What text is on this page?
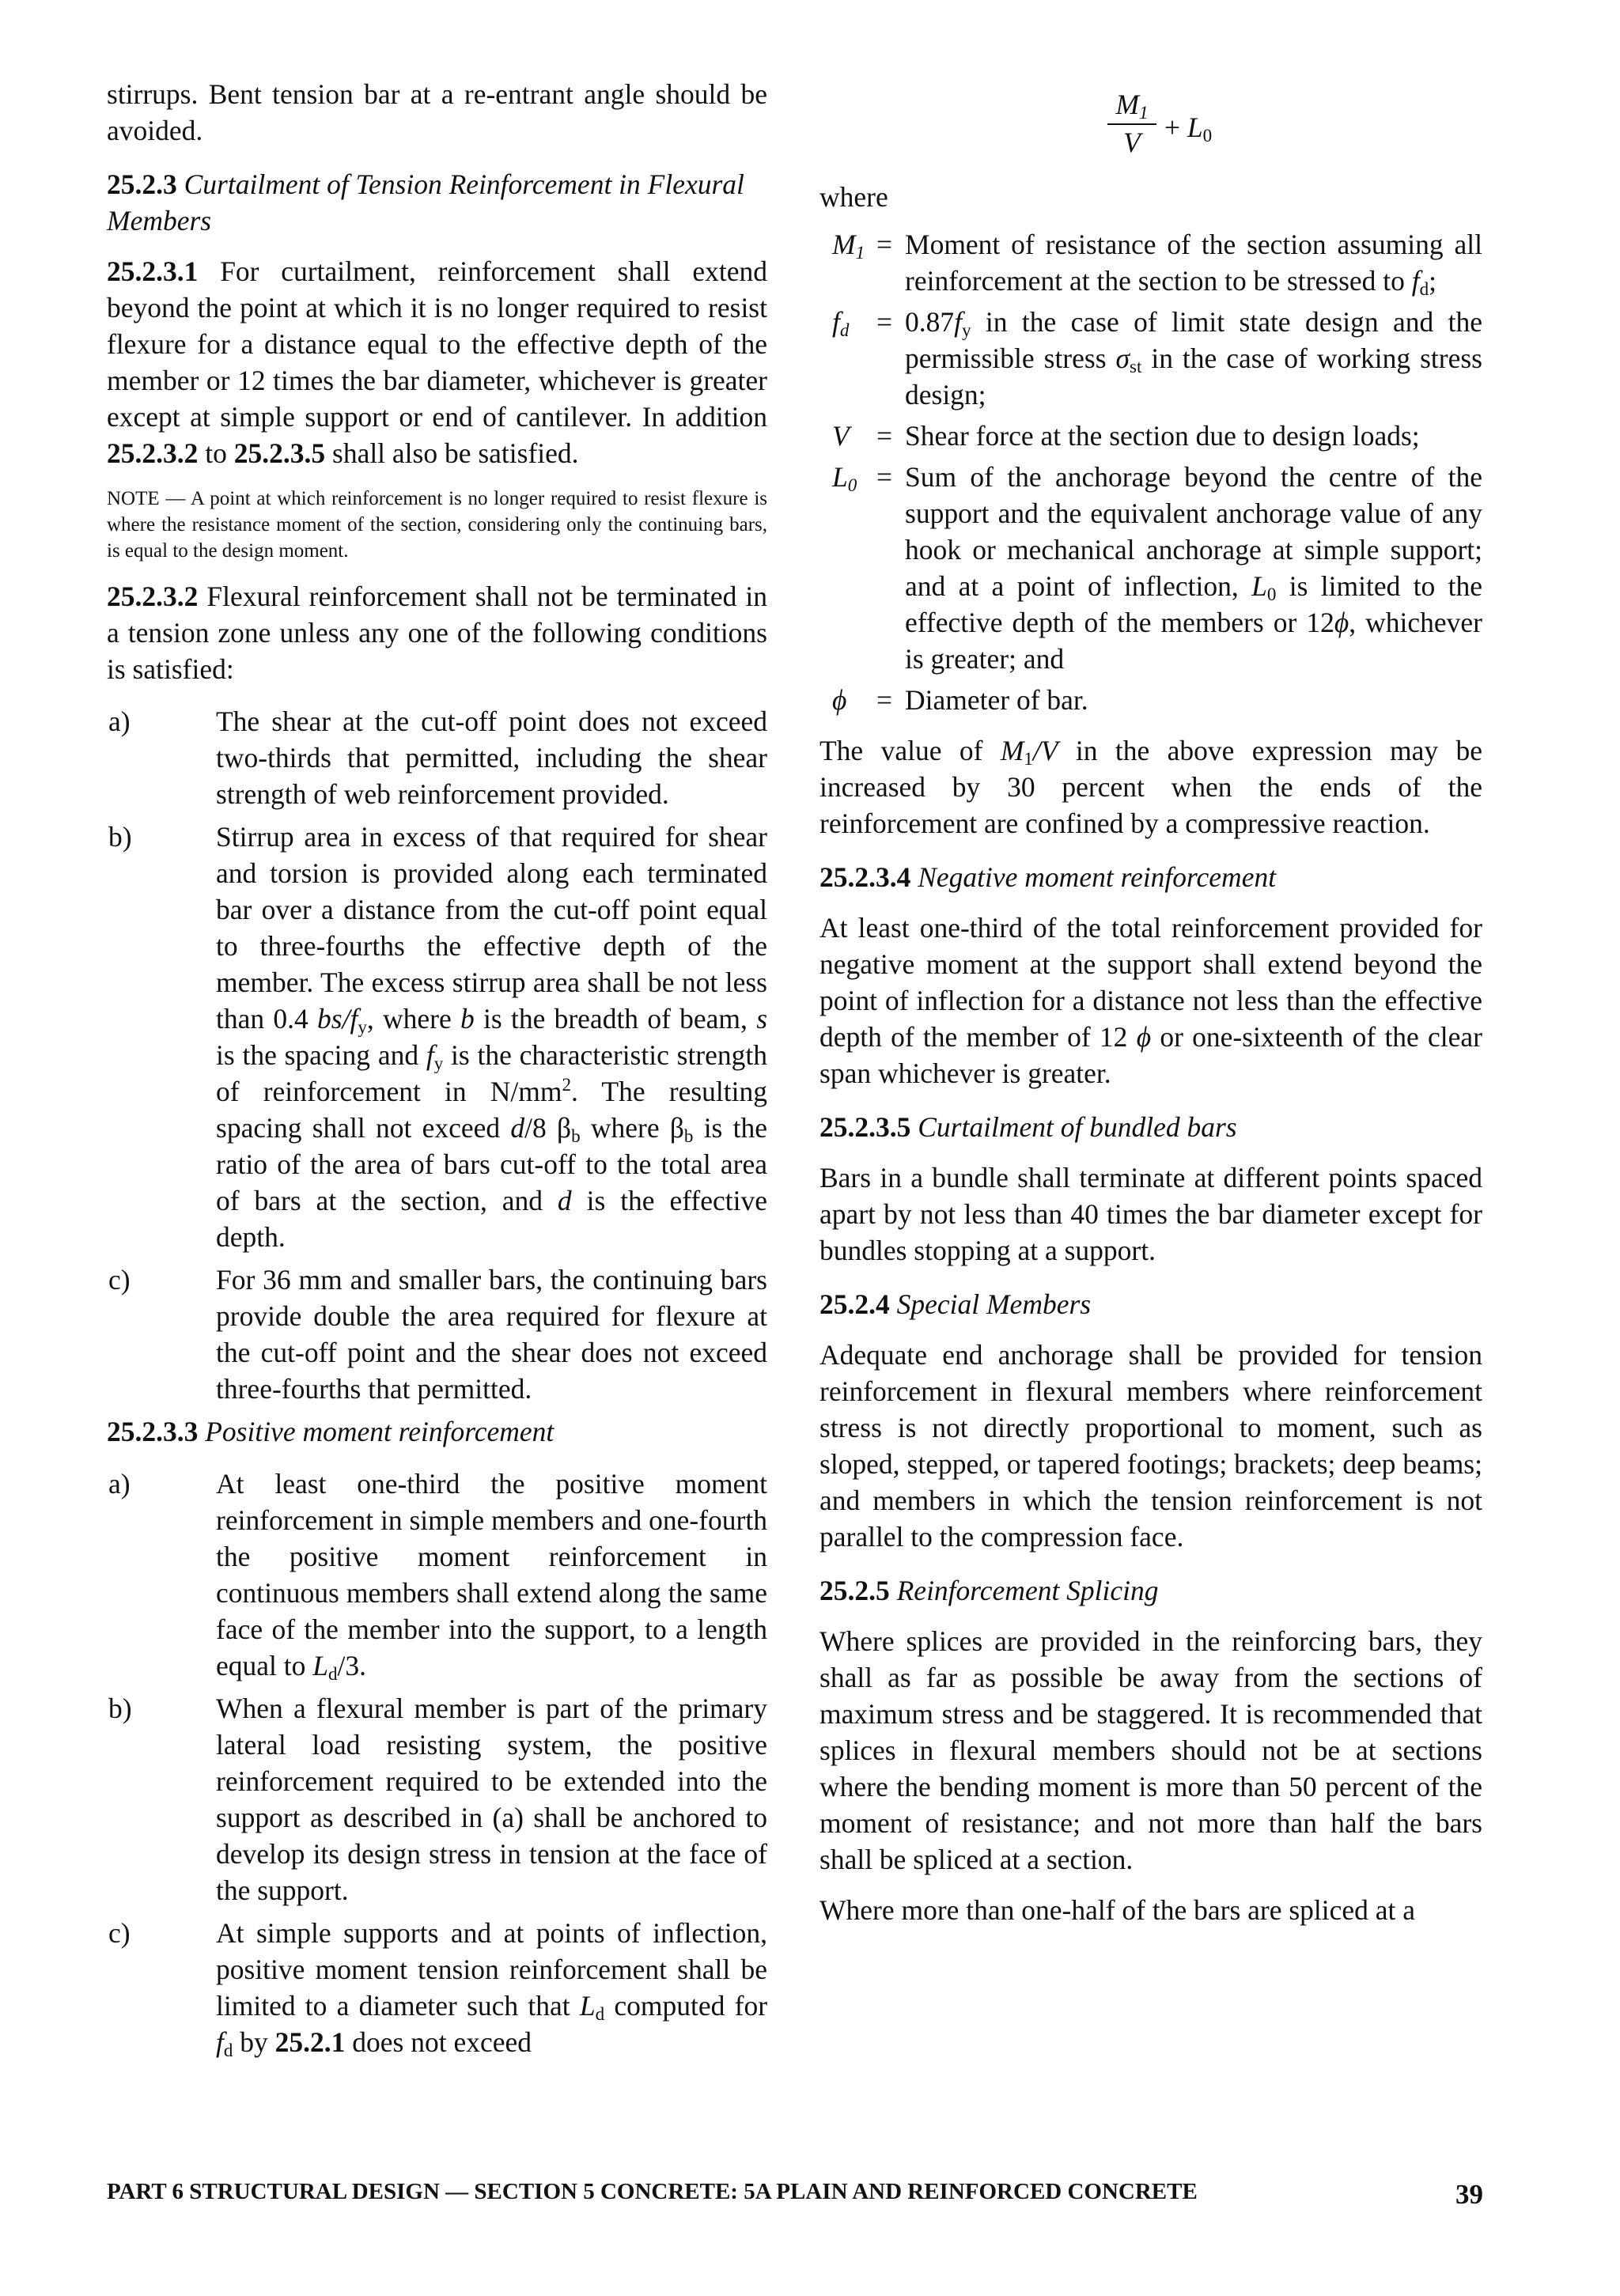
stirrups. Bent tension bar at a re-entrant angle should be avoided.

25.2.3 Curtailment of Tension Reinforcement in Flexural Members

25.2.3.1 For curtailment, reinforcement shall extend beyond the point at which it is no longer required to resist flexure for a distance equal to the effective depth of the member or 12 times the bar diameter, whichever is greater except at simple support or end of cantilever. In addition 25.2.3.2 to 25.2.3.5 shall also be satisfied.

NOTE — A point at which reinforcement is no longer required to resist flexure is where the resistance moment of the section, considering only the continuing bars, is equal to the design moment.

25.2.3.2 Flexural reinforcement shall not be terminated in a tension zone unless any one of the following conditions is satisfied:

a)	The shear at the cut-off point does not exceed two-thirds that permitted, including the shear strength of web reinforcement provided.
b)	Stirrup area in excess of that required for shear and torsion is provided along each terminated bar over a distance from the cut-off point equal to three-fourths the effective depth of the member. The excess stirrup area shall be not less than 0.4 $bs/f_y$, where b is the breadth of beam, s is the spacing and $f_y$ is the characteristic strength of reinforcement in $N/mm^2$. The resulting spacing shall not exceed d/8 $\beta_b$ where $\beta_b$ is the ratio of the area of bars cut-off to the total area of bars at the section, and d is the effective depth.
c)	For 36 mm and smaller bars, the continuing bars provide double the area required for flexure at the cut-off point and the shear does not exceed three-fourths that permitted.

25.2.3.3 Positive moment reinforcement

a)	At least one-third the positive moment reinforcement in simple members and one-fourth the positive moment reinforcement in continuous members shall extend along the same face of the member into the support, to a length equal to $L_d/3$.
b)	When a flexural member is part of the primary lateral load resisting system, the positive reinforcement required to be extended into the support as described in (a) shall be anchored to develop its design stress in tension at the face of the support.
c)	At simple supports and at points of inflection, positive moment tension reinforcement shall be limited to a diameter such that $L_d$ computed for $f_d$ by 25.2.1 does not exceed
$M_1$
$V + L_0$

where

$M_1$ = Moment of resistance of the section assuming all reinforcement at the section to be stressed to $f_d$;
$f_d = 0.87f_y$ in the case of limit state design and the permissible stress $\sigma_{st}$ in the case of working stress design;
V = Shear force at the section due to design loads;
$L_0$ = Sum of the anchorage beyond the centre of the support and the equivalent anchorage value of any hook or mechanical anchorage at simple support; and at a point of inflection, $L_0$ is limited to the effective depth of the members or 12ϕ, whichever is greater; and
ϕ	= Diameter of bar.

The value of $M_1/V$ in the above expression may be increased by 30 percent when the ends of the reinforcement are confined by a compressive reaction.

25.2.3.4 Negative moment reinforcement

At least one-third of the total reinforcement provided for negative moment at the support shall extend beyond the point of inflection for a distance not less than the effective depth of the member of 12 ϕ or one-sixteenth of the clear span whichever is greater.

25.2.3.5 Curtailment of bundled bars

Bars in a bundle shall terminate at different points spaced apart by not less than 40 times the bar diameter except for bundles stopping at a support.

25.2.4 Special Members

Adequate end anchorage shall be provided for tension reinforcement in flexural members where reinforcement stress is not directly proportional to moment, such as sloped, stepped, or tapered footings; brackets; deep beams; and members in which the tension reinforcement is not parallel to the compression face.

25.2.5 Reinforcement Splicing

Where splices are provided in the reinforcing bars, they shall as far as possible be away from the sections of maximum stress and be staggered. It is recommended that splices in flexural members should not be at sections where the bending moment is more than 50 percent of the moment of resistance; and not more than half the bars shall be spliced at a section.

Where more than one-half of the bars are spliced at a

PART 6 STRUCTURAL DESIGN — SECTION 5 CONCRETE: 5A PLAIN AND REINFORCED CONCRETE	39
